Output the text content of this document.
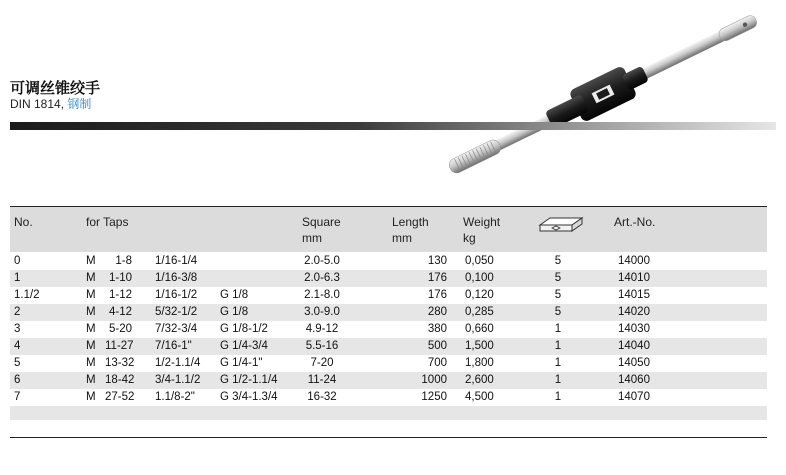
可调丝锥绞手
DIN 1814, 钢制
No.	for Taps	Square
mm
Length
mm
Weight
kg
Art.-No.
0	M	1-8 1/16-1/4	2.0-5.0	130 0,050	5	14000
1	M	1-10 1/16-3/8	2.0-6.3	176 0,100	5	14010
1.1/2	M	1-12 1/16-1/2 G 1/8	2.1-8.0	176 0,120	5	14015
2	M	4-12 5/32-1/2 G 1/8	3.0-9.0	280 0,285	5	14020
3	M	5-20 7/32-3/4 G 1/8-1/2	4.9-12	380 0,660	1	14030
4	M 11-27 7/16-1" G 1/4-3/4	5.5-16	500 1,500	1	14040
5	M 13-32 1/2-1.1/4 G 1/4-1"	7-20	700 1,800	1	14050
6	M 18-42 3/4-1.1/2 G 1/2-1.1/4	11-24	1000 2,600	1	14060
7	M 27-52 1.1/8-2" G 3/4-1.3/4	16-32	1250 4,500	1	14070
